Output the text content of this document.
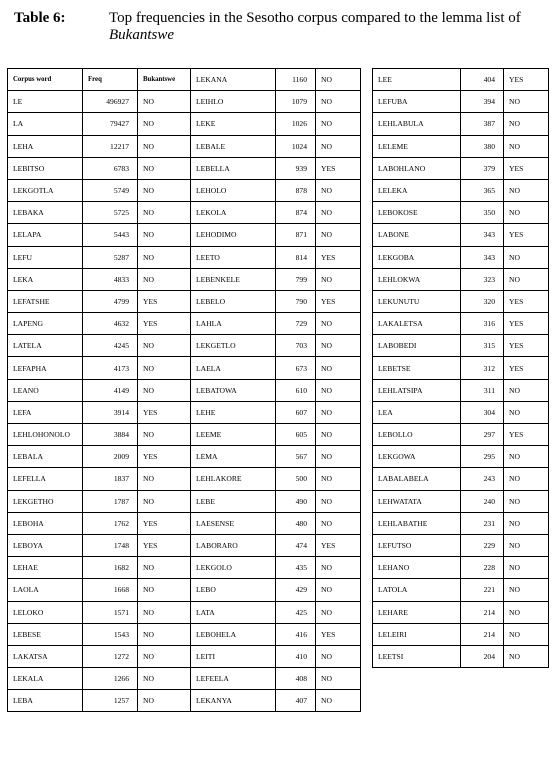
Table 6:	Top frequencies in the Sesotho corpus compared to the lemma list of
Bukantswe
Corpus word	Freq	Bukantswe
LE	496927	NO
LA	79427	NO
LEHA	12217	NO
LEBITSO	6783	NO
LEKGOTLA	5749	NO
LEBAKA	5725	NO
LELAPA	5443	NO
LEFU	5287	NO
LEKA	4833	NO
LEFATSHE	4799	YES
LAPENG	4632	YES
LATELA	4245	NO
LEFAPHA	4173	NO
LEANO	4149	NO
LEFA	3914	YES
LEHLOHONOLO	3884	NO
LEBALA	2009	YES
LEFELLA	1837	NO
LEKGETHO	1787	NO
LEBOHA	1762	YES
LEBOYA	1748	YES
LEHAE	1682	NO
LAOLA	1668	NO
LELOKO	1571	NO
LEBESE	1543	NO
LAKATSA	1272	NO
LEKALA	1266	NO
LEBA	1257	NO
LEKANA	1160	NO
LEIHLO	1079	NO
LEKE	1026	NO
LEBALE	1024	NO
LEBELLA	939	YES
LEHOLO	878	NO
LEKOLA	874	NO
LEHODIMO	871	NO
LEETO	814	YES
LEBENKELE	799	NO
LEBELO	790	YES
LAHLA	729	NO
LEKGETLO	703	NO
LAELA	673	NO
LEBATOWA	610	NO
LEHE	607	NO
LEEME	605	NO
LEMA	567	NO
LEHLAKORE	500	NO
LEBE	490	NO
LAESENSE	480	NO
LABORARO	474	YES
LEKGOLO	435	NO
LEBO	429	NO
LATA	425	NO
LEBOHELA	416	YES
LEITI	410	NO
LEFEELA	408	NO
LEKANYA	407	NO
LEE	404	YES
LEFUBA	394	NO
LEHLABULA	387	NO
LELEME	380	NO
LABOHLANO	379	YES
LELEKA	365	NO
LEBOKOSE	350	NO
LABONE	343	YES
LEKGOBA	343	NO
LEHLOKWA	323	NO
LEKUNUTU	320	YES
LAKALETSA	316	YES
LABOBEDI	315	YES
LEBETSE	312	YES
LEHLATSIPA	311	NO
LEA	304	NO
LEBOLLO	297	YES
LEKGOWA	295	NO
LABALABELA	243	NO
LEHWATATA	240	NO
LEHLABATHE	231	NO
LEFUTSO	229	NO
LEHANO	228	NO
LATOLA	221	NO
LEHARE	214	NO
LELEIRI	214	NO
LEETSI	204	NO
